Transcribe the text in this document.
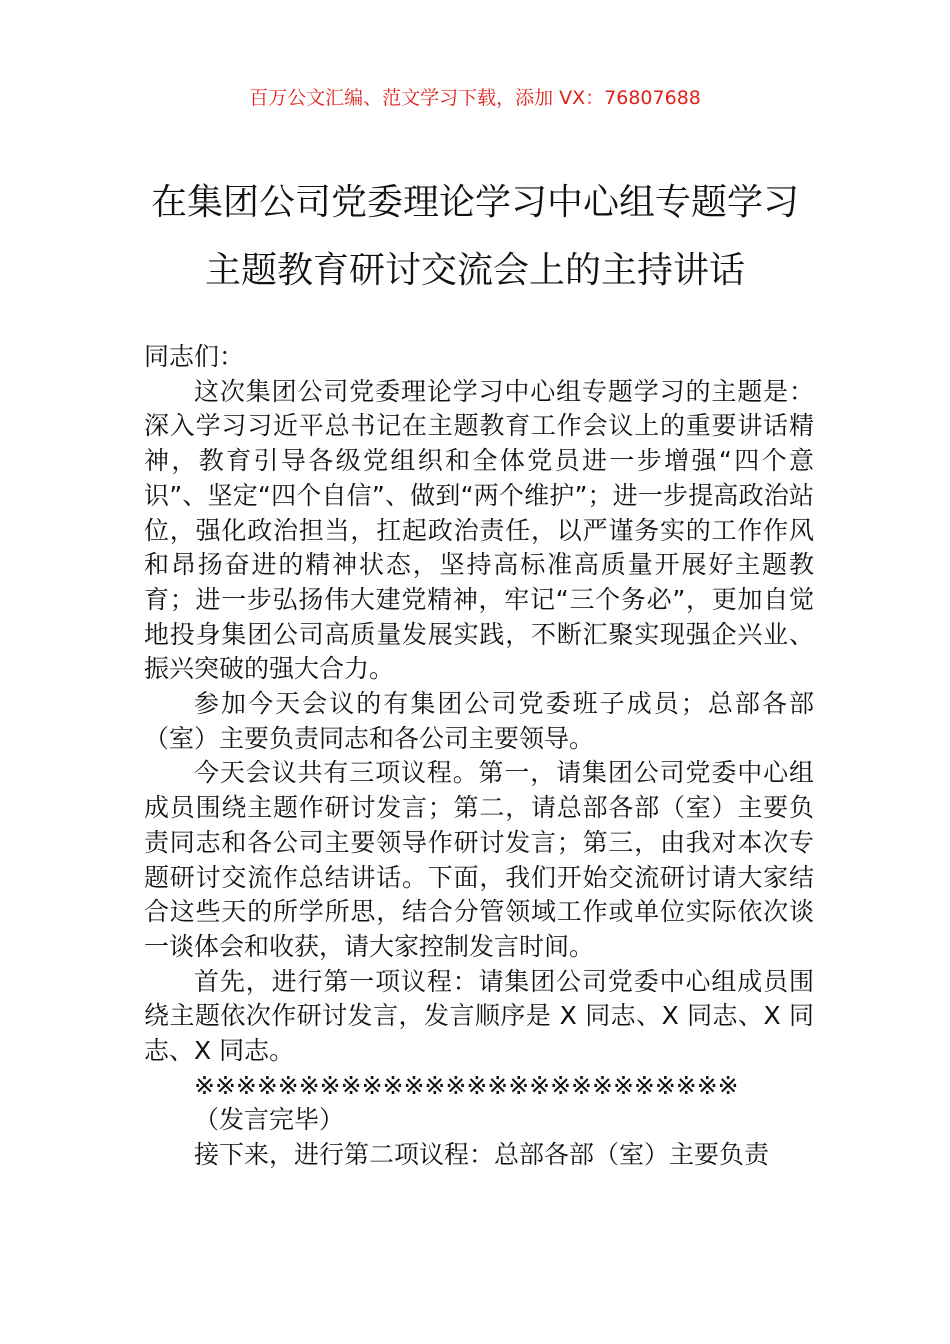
百万公文汇编、范文学习下载，添加 VX：76807688
在集团公司党委理论学习中心组专题学习
主题教育研讨交流会上的主持讲话

同志们：

这次集团公司党委理论学习中心组专题学习的主题是：深入学习习近平总书记在主题教育工作会议上的重要讲话精神，教育引导各级党组织和全体党员进一步增强“四个意识”、坚定“四个自信”、做到“两个维护”；进一步提高政治站位，强化政治担当，扛起政治责任，以严谨务实的工作作风和昂扬奋进的精神状态，坚持高标准高质量开展好主题教育；进一步弘扬伟大建党精神，牢记“三个务必”，更加自觉地投身集团公司高质量发展实践，不断汇聚实现强企兴业、振兴突破的强大合力。

参加今天会议的有集团公司党委班子成员；总部各部（室）主要负责同志和各公司主要领导。

今天会议共有三项议程。第一，请集团公司党委中心组成员围绕主题作研讨发言；第二，请总部各部（室）主要负责同志和各公司主要领导作研讨发言；第三，由我对本次专题研讨交流作总结讲话。下面，我们开始交流研讨请大家结合这些天的所学所思，结合分管领域工作或单位实际依次谈一谈体会和收获，请大家控制发言时间。

首先，进行第一项议程：请集团公司党委中心组成员围绕主题依次作研讨发言，发言顺序是 X 同志、X 同志、X 同志、X 同志。

※※※※※※※※※※※※※※※※※※※※※※※※※※

（发言完毕）

接下来，进行第二项议程：总部各部（室）主要负责
